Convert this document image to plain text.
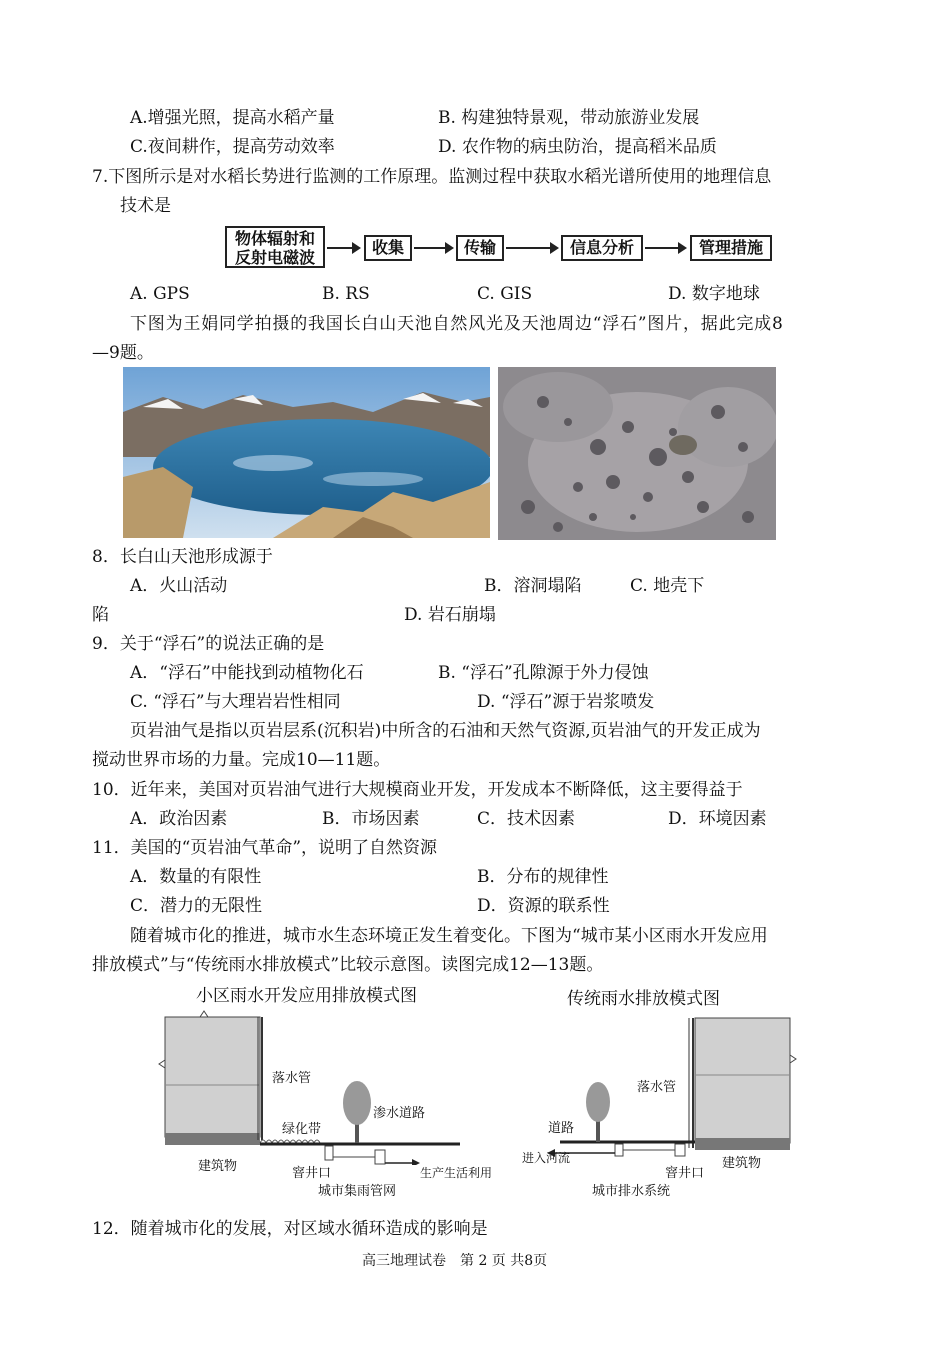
A.增强光照，提高水稻产量	B. 构建独特景观，带动旅游业发展
C.夜间耕作，提高劳动效率	D. 农作物的病虫防治，提高稻米品质
7.下图所示是对水稻长势进行监测的工作原理。监测过程中获取水稻光谱所使用的地理信息
技术是
物体辐射和
反射电磁波
收集	传输	信息分析	管理措施
A. GPS	B. RS	C. GIS	D. 数字地球
下图为王娟同学拍摄的我国长白山天池自然风光及天池周边“浮石”图片，据此完成8
—9题。
8．长白山天池形成源于
A．火山活动	B．溶洞塌陷	C. 地壳下
陷	D. 岩石崩塌
9．关于“浮石”的说法正确的是
A．“浮石”中能找到动植物化石	B. “浮石”孔隙源于外力侵蚀
C. “浮石”与大理岩岩性相同	D. “浮石”源于岩浆喷发
页岩油气是指以页岩层系(沉积岩)中所含的石油和天然气资源,页岩油气的开发正成为
搅动世界市场的力量。完成10—11题。
10．近年来，美国对页岩油气进行大规模商业开发，开发成本不断降低，这主要得益于
A．政治因素	B．市场因素	C．技术因素	D．环境因素
11．美国的“页岩油气革命”，说明了自然资源
A．数量的有限性	B．分布的规律性
C．潜力的无限性	D．资源的联系性
随着城市化的推进，城市水生态环境正发生着变化。下图为“城市某小区雨水开发应用
排放模式”与“传统雨水排放模式”比较示意图。读图完成12—13题。
小区雨水开发应用排放模式图
落水管
绿化带
渗水道路
建筑物	窨井口	生产生活利用
城市集雨管网
传统雨水排放模式图
落水管
道路
进入河流
窨井口
建筑物
城市排水系统
12．随着城市化的发展，对区域水循环造成的影响是
高三地理试卷　第 2 页 共8页
